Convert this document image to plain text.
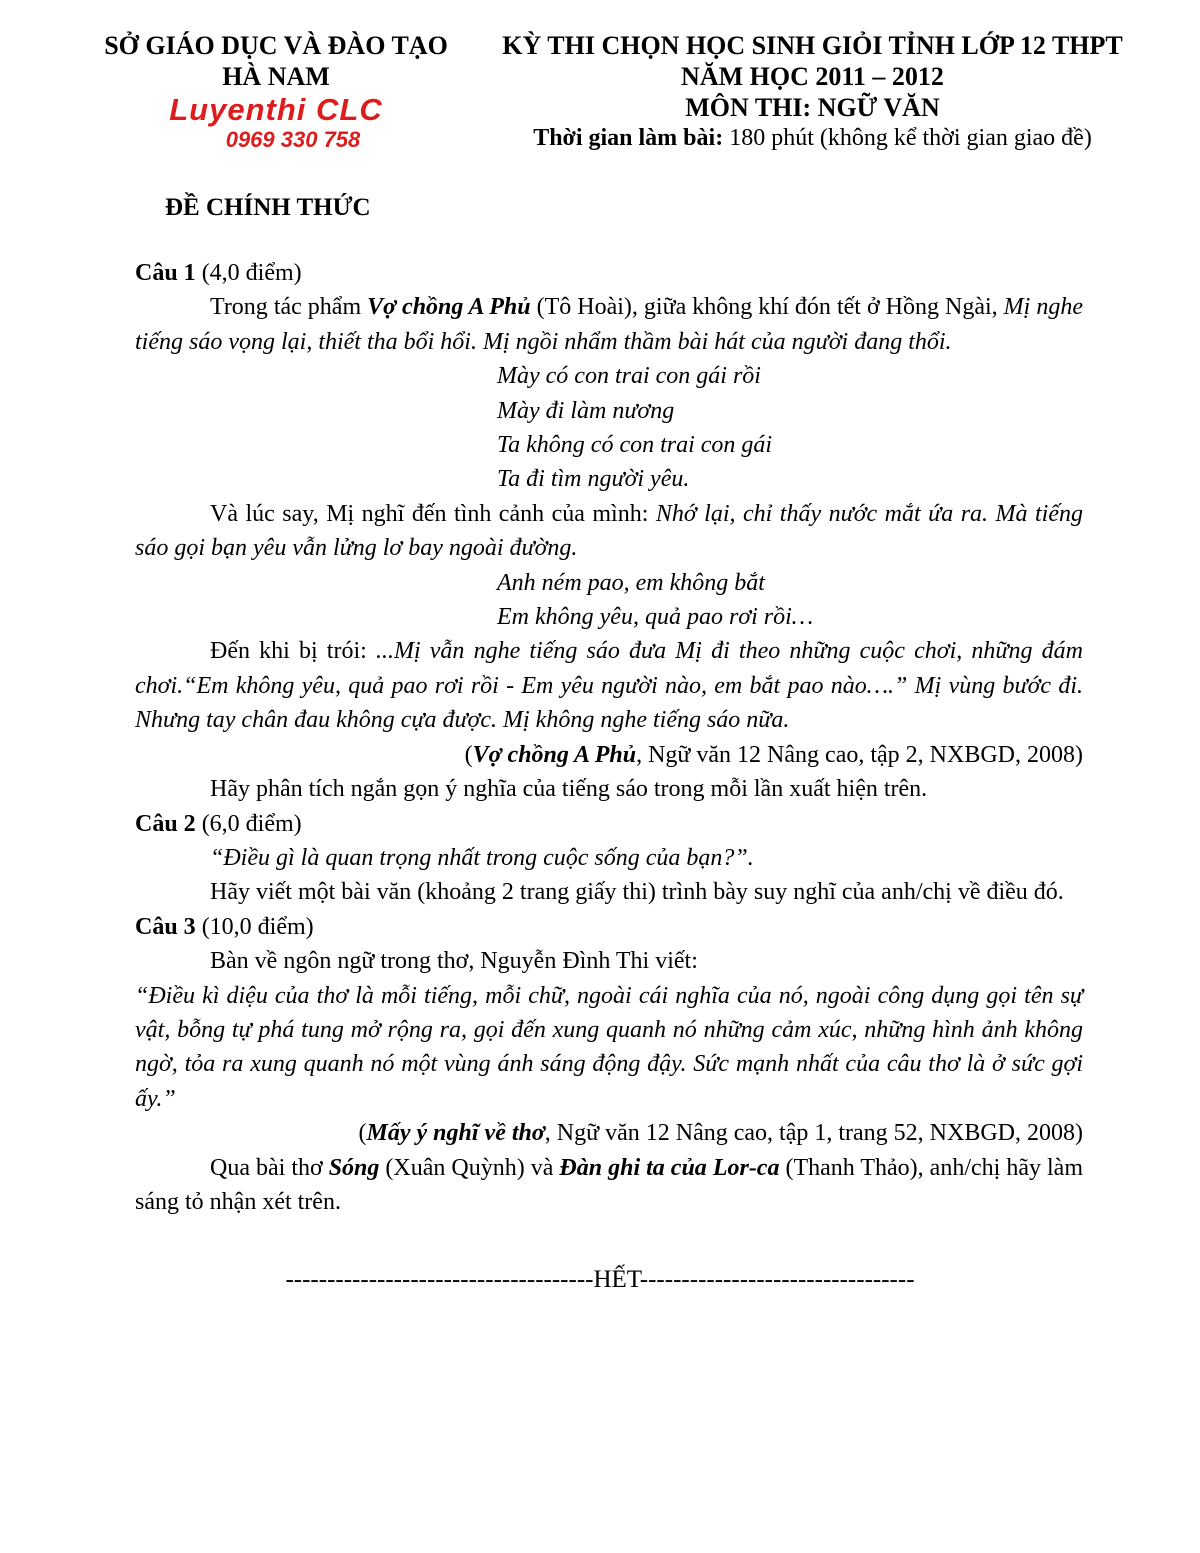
SỞ GIÁO DỤC VÀ ĐÀO TẠO
HÀ NAM
Luyenthi CLC
0969 330 758
KỲ THI CHỌN HỌC SINH GIỎI TỈNH LỚP 12 THPT
NĂM HỌC 2011 – 2012
MÔN THI: NGỮ VĂN
Thời gian làm bài: 180 phút (không kể thời gian giao đề)
ĐỀ CHÍNH THỨC

Câu 1 (4,0 điểm)

Trong tác phẩm Vợ chồng A Phủ (Tô Hoài), giữa không khí đón tết ở Hồng Ngài, Mị nghe tiếng sáo vọng lại, thiết tha bổi hổi. Mị ngồi nhẩm thầm bài hát của người đang thổi.

Mày có con trai con gái rồi
Mày đi làm nương
Ta không có con trai con gái
Ta đi tìm người yêu.

Và lúc say, Mị nghĩ đến tình cảnh của mình: Nhớ lại, chỉ thấy nước mắt ứa ra. Mà tiếng sáo gọi bạn yêu vẫn lửng lơ bay ngoài đường.

Anh ném pao, em không bắt
Em không yêu, quả pao rơi rồi…

Đến khi bị trói: ...Mị vẫn nghe tiếng sáo đưa Mị đi theo những cuộc chơi, những đám chơi.“Em không yêu, quả pao rơi rồi - Em yêu người nào, em bắt pao nào….” Mị vùng bước đi. Nhưng tay chân đau không cựa được. Mị không nghe tiếng sáo nữa.

(Vợ chồng A Phủ, Ngữ văn 12 Nâng cao, tập 2, NXBGD, 2008)

Hãy phân tích ngắn gọn ý nghĩa của tiếng sáo trong mỗi lần xuất hiện trên.

Câu 2 (6,0 điểm)

“Điều gì là quan trọng nhất trong cuộc sống của bạn?”.

Hãy viết một bài văn (khoảng 2 trang giấy thi) trình bày suy nghĩ của anh/chị về điều đó.

Câu 3 (10,0 điểm)

Bàn về ngôn ngữ trong thơ, Nguyễn Đình Thi viết:

“Điều kì diệu của thơ là mỗi tiếng, mỗi chữ, ngoài cái nghĩa của nó, ngoài công dụng gọi tên sự vật, bỗng tự phá tung mở rộng ra, gọi đến xung quanh nó những cảm xúc, những hình ảnh không ngờ, tỏa ra xung quanh nó một vùng ánh sáng động đậy. Sức mạnh nhất của câu thơ là ở sức gợi ấy.”

(Mấy ý nghĩ về thơ, Ngữ văn 12 Nâng cao, tập 1, trang 52, NXBGD, 2008)

Qua bài thơ Sóng (Xuân Quỳnh) và Đàn ghi ta của Lor-ca (Thanh Thảo), anh/chị hãy làm sáng tỏ nhận xét trên.

-------------------------------------HẾT---------------------------------
